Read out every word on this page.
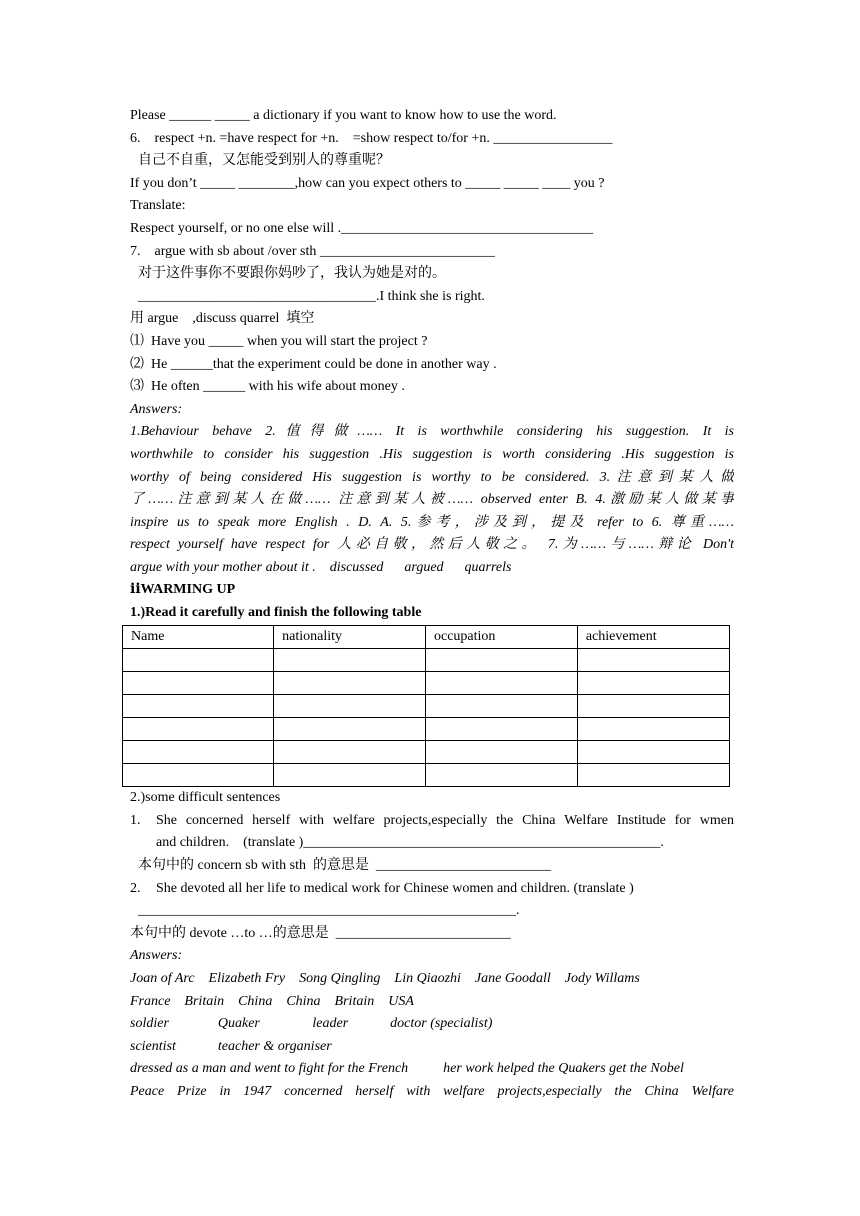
Please ______ _____ a dictionary if you want to know how to use the word.
6.    respect +n. =have respect for +n.    =show respect to/for +n. _________________
自己不自重，又怎能受到别人的尊重呢？
If you don’t _____ ________,how can you expect others to _____ _____ ____ you ?
Translate:
Respect yourself, or no one else will .____________________________________
7.    argue with sb about /over sth _________________________
对于这件事你不要跟你妈吵了，我认为她是对的。
__________________________________.I think she is right.
用 argue    ,discuss quarrel  填空
⑴  Have you _____ when you will start the project ?
⑵  He ______that the experiment could be done in another way .
⑶  He often ______ with his wife about money .
Answers:
1.Behaviour behave 2.值得做…… It is worthwhile considering his suggestion. It is
worthwhile to consider his suggestion .His suggestion is worth considering .His suggestion is
worthy of being considered His suggestion is worthy to be considered. 3.注意到某人做
了……注意到某人在做…… 注意到某人被…… observed enter B. 4.激励某人做某事
inspire us to speak more English . D. A. 5.参考，涉及到，提及 refer to 6. 尊重……
respect yourself have respect for 人必自敬，然后人敬之。 7.为……与……辩论 Don't
argue with your mother about it .    discussed      argued      quarrels
ⅱWARMING UP
1.)Read it carefully and finish the following table
Name	nationality	occupation	achievement

2.)some difficult sentences
1.	She concerned herself with welfare projects,especially the China Welfare Institude for wmen
and children.    (translate )___________________________________________________.
本句中的 concern sb with sth  的意思是  _________________________
2.	She devoted all her life to medical work for Chinese women and children. (translate )
______________________________________________________.
本句中的 devote …to …的意思是  _________________________
Answers:
Joan of Arc    Elizabeth Fry    Song Qingling    Lin Qiaozhi    Jane Goodall    Jody Willams
France    Britain    China    China    Britain    USA
soldier              Quaker               leader            doctor (specialist)
scientist            teacher & organiser
dressed as a man and went to fight for the French          her work helped the Quakers get the Nobel
Peace Prize in 1947 concerned herself with welfare projects,especially the China Welfare
